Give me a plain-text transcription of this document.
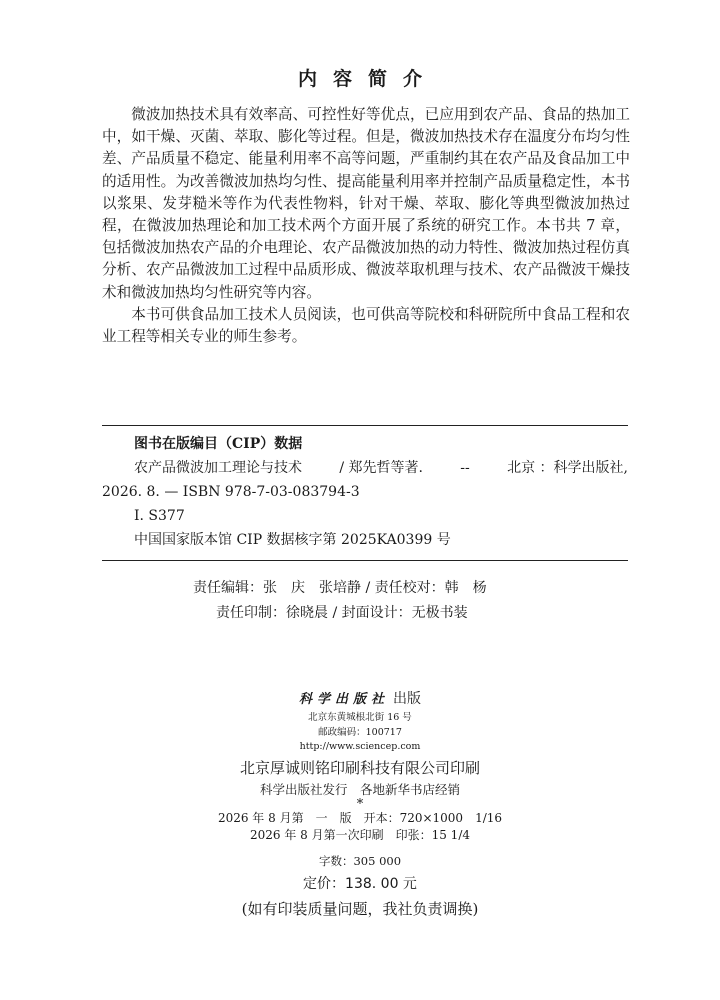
内容简介

微波加热技术具有效率高、可控性好等优点，已应用到农产品、食品的热加工中，如干燥、灭菌、萃取、膨化等过程。但是，微波加热技术存在温度分布均匀性差、产品质量不稳定、能量利用率不高等问题，严重制约其在农产品及食品加工中的适用性。为改善微波加热均匀性、提高能量利用率并控制产品质量稳定性，本书以浆果、发芽糙米等作为代表性物料，针对干燥、萃取、膨化等典型微波加热过程，在微波加热理论和加工技术两个方面开展了系统的研究工作。本书共 7 章，包括微波加热农产品的介电理论、农产品微波加热的动力特性、微波加热过程仿真分析、农产品微波加工过程中品质形成、微波萃取机理与技术、农产品微波干燥技术和微波加热均匀性研究等内容。

本书可供食品加工技术人员阅读，也可供高等院校和科研院所中食品工程和农业工程等相关专业的师生参考。

图书在版编目（CIP）数据
农产品微波加工理论与技术	/ 郑先哲等著.	--	北京 ：科学出版社,
2026. 8. — ISBN 978-7-03-083794-3
Ⅰ. S377
中国国家版本馆 CIP 数据核字第 2025KA0399 号
责任编辑：张　庆　张培静 / 责任校对：韩　杨
责任印制：徐晓晨 / 封面设计：无极书装
科学出版社 出版
北京东黄城根北街 16 号
邮政编码：100717
http://www.sciencep.com
北京厚诚则铭印刷科技有限公司印刷
科学出版社发行　各地新华书店经销
*
2026 年 8 月第　一　版　开本：720×1000　1/16
2026 年 8 月第一次印刷　印张：15 1/4
字数：305 000
定价：138. 00 元
(如有印装质量问题，我社负责调换)
